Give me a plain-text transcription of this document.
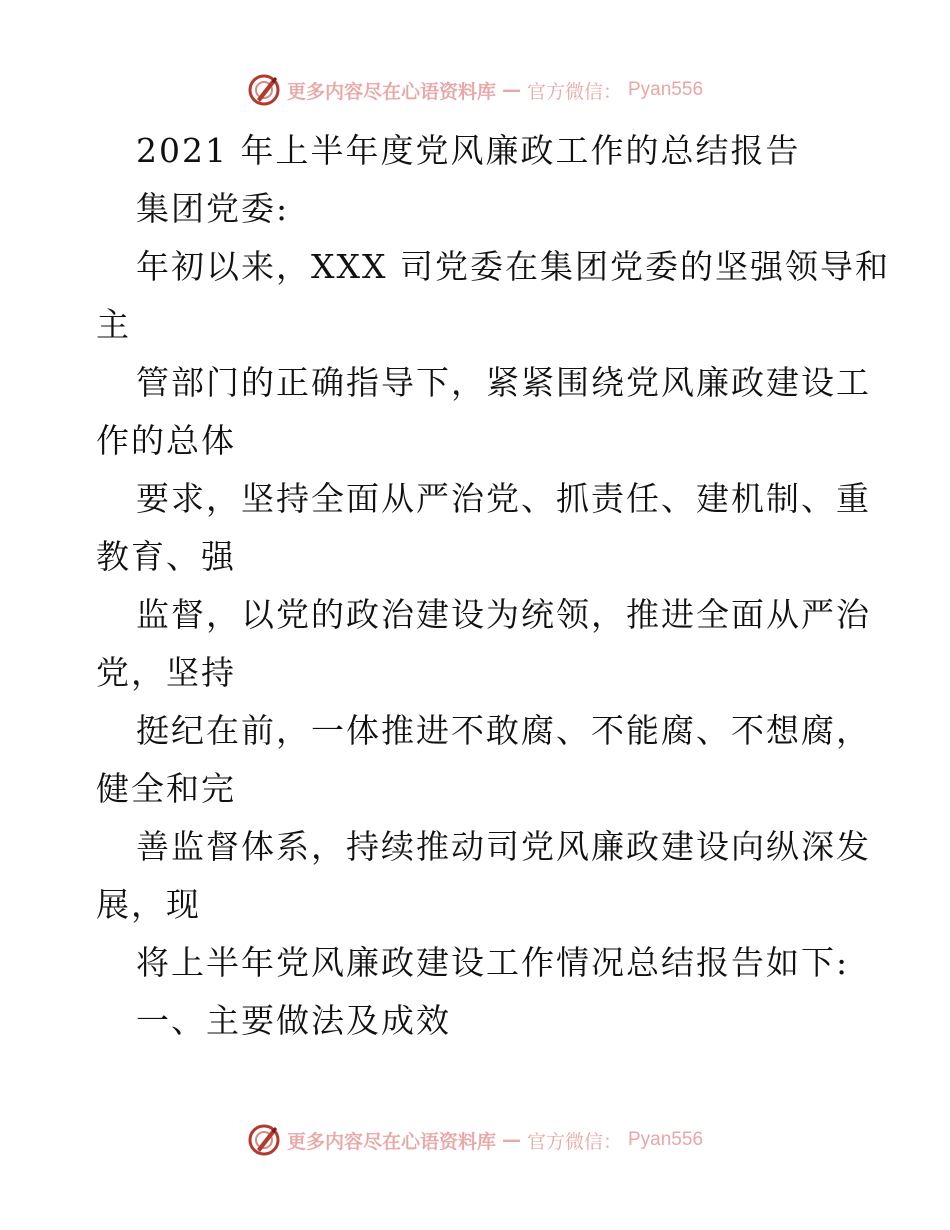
更多内容尽在心语资料库 — 官方微信： Pyan556
2021 年上半年度党风廉政工作的总结报告
集团党委:
年初以来，XXX 司党委在集团党委的坚强领导和
主
管部门的正确指导下，紧紧围绕党风廉政建设工
作的总体
要求，坚持全面从严治党、抓责任、建机制、重
教育、强
监督，以党的政治建设为统领，推进全面从严治
党，坚持
挺纪在前，一体推进不敢腐、不能腐、不想腐，
健全和完
善监督体系，持续推动司党风廉政建设向纵深发
展，现
将上半年党风廉政建设工作情况总结报告如下:
一、主要做法及成效
更多内容尽在心语资料库 — 官方微信： Pyan556
